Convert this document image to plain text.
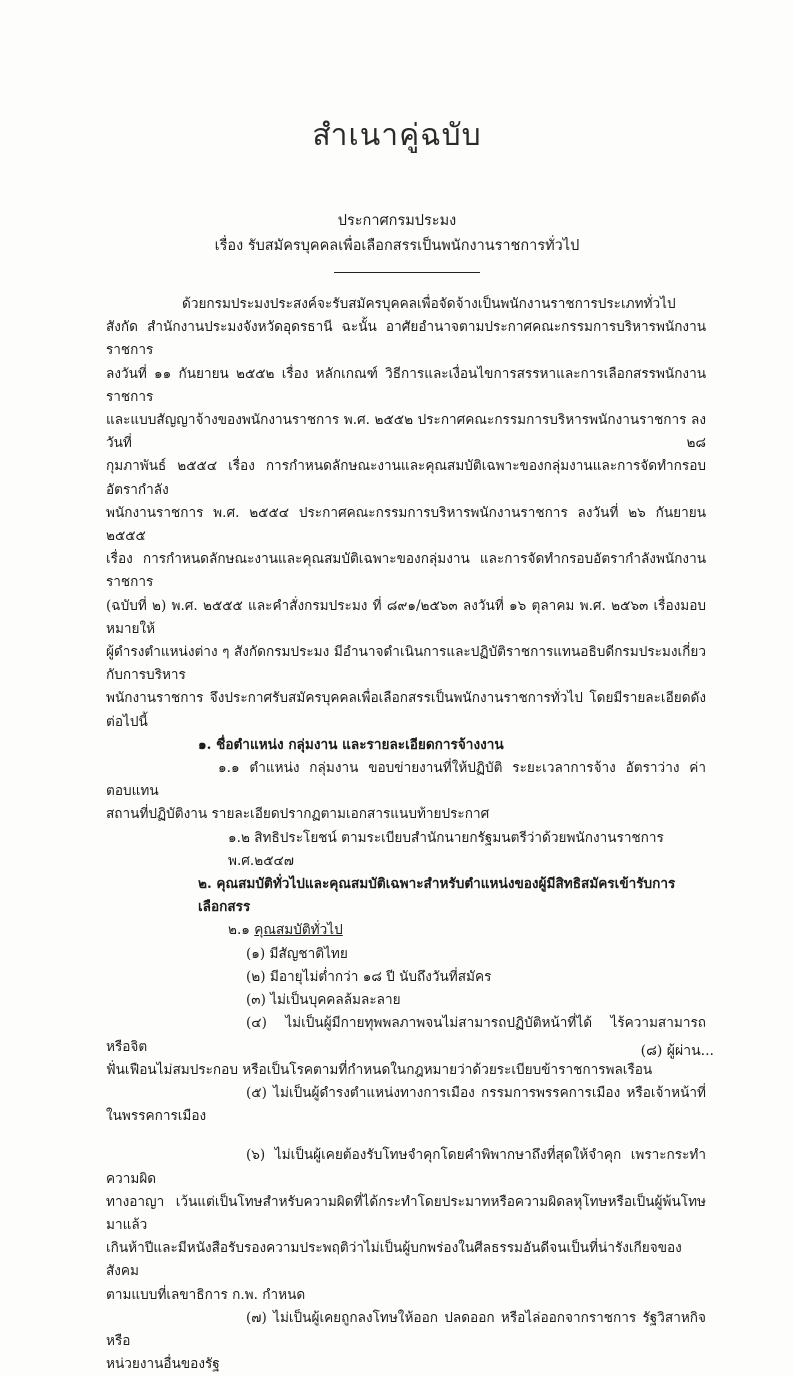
สำเนาคู่ฉบับ
ประกาศกรมประมง
เรื่อง รับสมัครบุคคลเพื่อเลือกสรรเป็นพนักงานราชการทั่วไป

ด้วยกรมประมงประสงค์จะรับสมัครบุคคลเพื่อจัดจ้างเป็นพนักงานราชการประเภททั่วไป

สังกัด สำนักงานประมงจังหวัดอุดรธานี ฉะนั้น อาศัยอำนาจตามประกาศคณะกรรมการบริหารพนักงานราชการ

ลงวันที่ ๑๑ กันยายน ๒๕๕๒ เรื่อง หลักเกณฑ์ วิธีการและเงื่อนไขการสรรหาและการเลือกสรรพนักงานราชการ

และแบบสัญญาจ้างของพนักงานราชการ พ.ศ. ๒๕๕๒ ประกาศคณะกรรมการบริหารพนักงานราชการ ลงวันที่ ๒๘

กุมภาพันธ์ ๒๕๕๔ เรื่อง การกำหนดลักษณะงานและคุณสมบัติเฉพาะของกลุ่มงานและการจัดทำกรอบอัตรากำลัง

พนักงานราชการ พ.ศ. ๒๕๕๔ ประกาศคณะกรรมการบริหารพนักงานราชการ ลงวันที่ ๒๖ กันยายน ๒๕๕๕

เรื่อง การกำหนดลักษณะงานและคุณสมบัติเฉพาะของกลุ่มงาน และการจัดทำกรอบอัตรากำลังพนักงานราชการ

(ฉบับที่ ๒) พ.ศ. ๒๕๕๕ และคำสั่งกรมประมง ที่ ๘๙๑/๒๕๖๓ ลงวันที่ ๑๖ ตุลาคม พ.ศ. ๒๕๖๓ เรื่องมอบหมายให้

ผู้ดำรงตำแหน่งต่าง ๆ สังกัดกรมประมง มีอำนาจดำเนินการและปฏิบัติราชการแทนอธิบดีกรมประมงเกี่ยวกับการบริหาร

พนักงานราชการ จึงประกาศรับสมัครบุคคลเพื่อเลือกสรรเป็นพนักงานราชการทั่วไป โดยมีรายละเอียดดังต่อไปนี้

๑. ชื่อตำแหน่ง กลุ่มงาน และรายละเอียดการจ้างงาน

๑.๑ ตำแหน่ง กลุ่มงาน ขอบข่ายงานที่ให้ปฏิบัติ ระยะเวลาการจ้าง อัตราว่าง ค่าตอบแทน

สถานที่ปฏิบัติงาน รายละเอียดปรากฏตามเอกสารแนบท้ายประกาศ

๑.๒ สิทธิประโยชน์ ตามระเบียบสำนักนายกรัฐมนตรีว่าด้วยพนักงานราชการ พ.ศ.๒๕๔๗

๒. คุณสมบัติทั่วไปและคุณสมบัติเฉพาะสำหรับตำแหน่งของผู้มีสิทธิสมัครเข้ารับการเลือกสรร

๒.๑ คุณสมบัติทั่วไป

(๑) มีสัญชาติไทย

(๒) มีอายุไม่ต่ำกว่า ๑๘ ปี นับถึงวันที่สมัคร

(๓) ไม่เป็นบุคคลล้มละลาย

(๔) ไม่เป็นผู้มีกายทุพพลภาพจนไม่สามารถปฏิบัติหน้าที่ได้ ไร้ความสามารถ หรือจิต

ฟั่นเฟือนไม่สมประกอบ หรือเป็นโรคตามที่กำหนดในกฎหมายว่าด้วยระเบียบข้าราชการพลเรือน

(๕) ไม่เป็นผู้ดำรงตำแหน่งทางการเมือง กรรมการพรรคการเมือง หรือเจ้าหน้าที่

ในพรรคการเมือง

(๖) ไม่เป็นผู้เคยต้องรับโทษจำคุกโดยคำพิพากษาถึงที่สุดให้จำคุก เพราะกระทำความผิด

ทางอาญา เว้นแต่เป็นโทษสำหรับความผิดที่ได้กระทำโดยประมาทหรือความผิดลหุโทษหรือเป็นผู้พ้นโทษมาแล้ว

เกินห้าปีและมีหนังสือรับรองความประพฤติว่าไม่เป็นผู้บกพร่องในศีลธรรมอันดีจนเป็นที่น่ารังเกียจของสังคม

ตามแบบที่เลขาธิการ ก.พ. กำหนด

(๗) ไม่เป็นผู้เคยถูกลงโทษให้ออก ปลดออก หรือไล่ออกจากราชการ รัฐวิสาหกิจ หรือ

หน่วยงานอื่นของรัฐ

(๘) ผู้ผ่าน...
